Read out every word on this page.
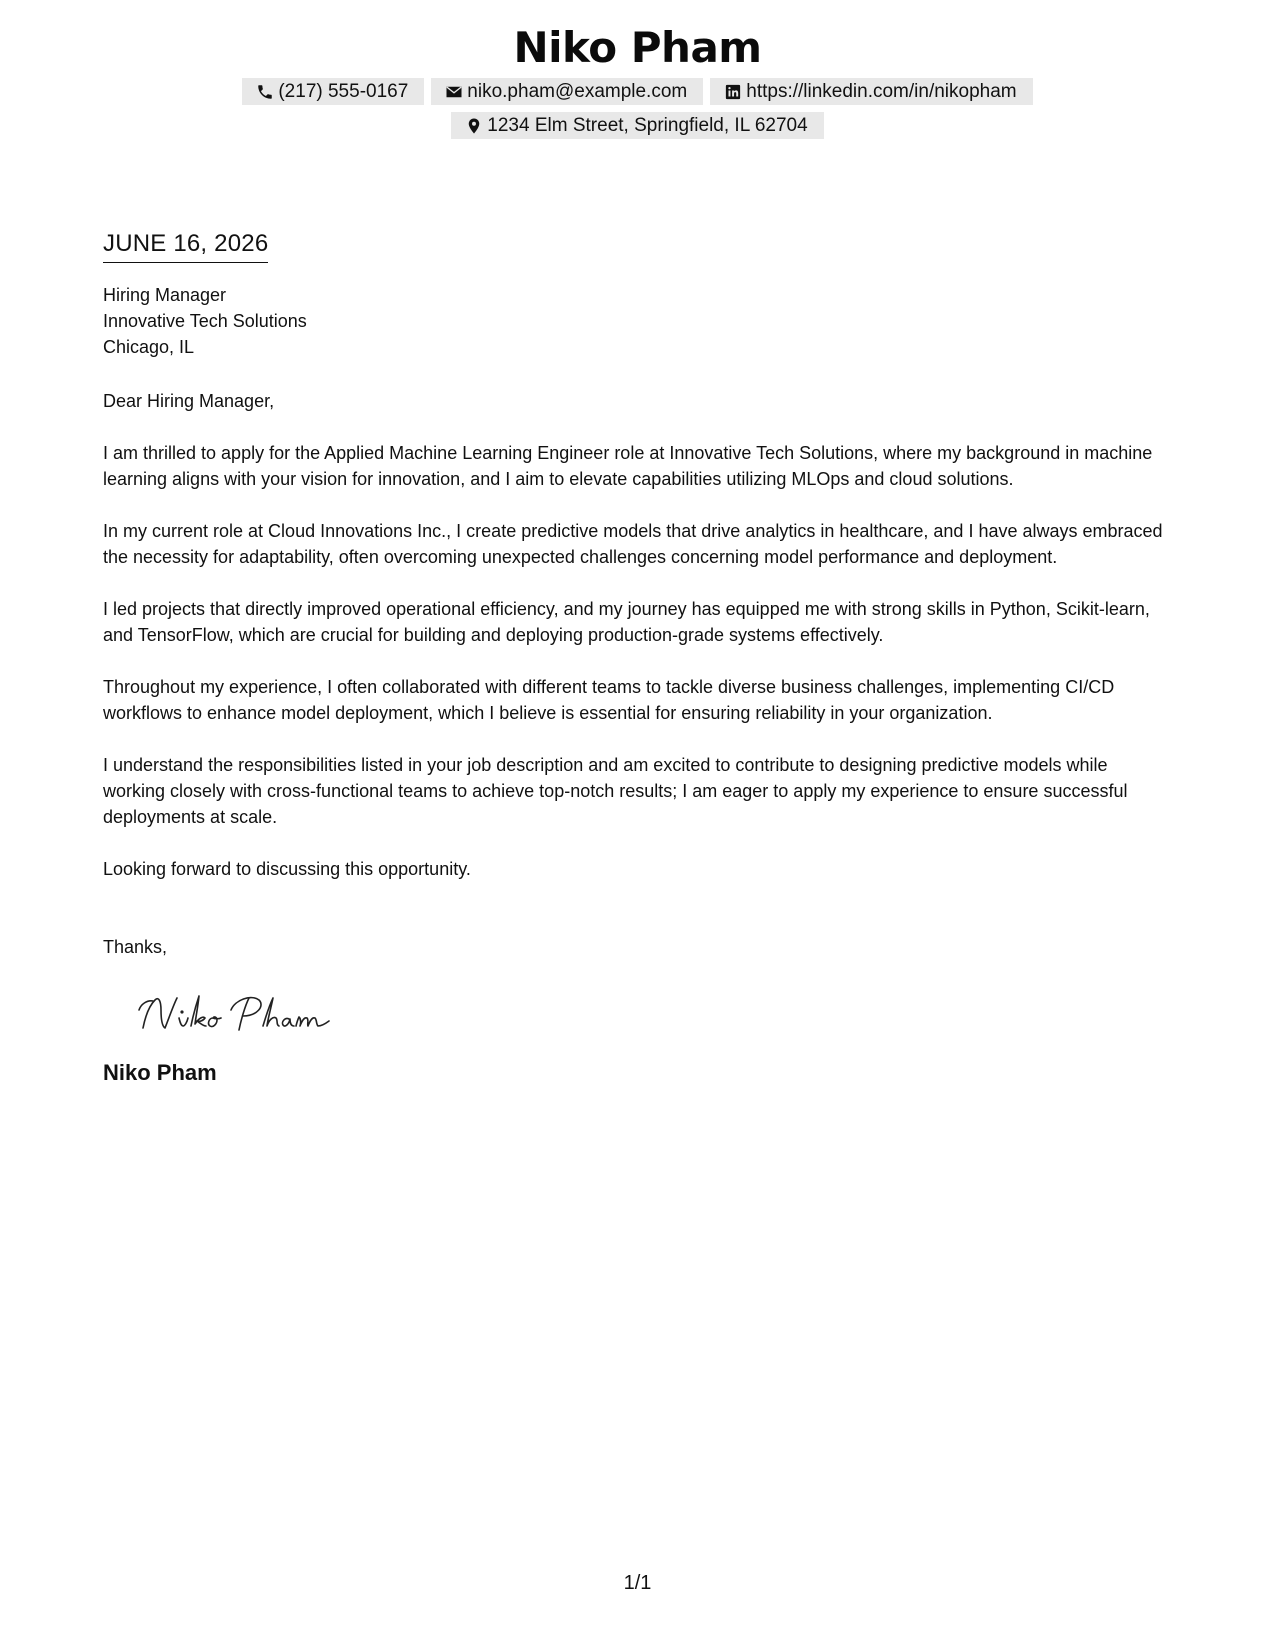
Niko Pham
(217) 555-0167	niko.pham@example.com	https://linkedin.com/in/nikopham
1234 Elm Street, Springfield, IL 62704
JUNE 16, 2026
Hiring Manager
Innovative Tech Solutions
Chicago, IL
Dear Hiring Manager,

I am thrilled to apply for the Applied Machine Learning Engineer role at Innovative Tech Solutions, where my background in machine learning aligns with your vision for innovation, and I aim to elevate capabilities utilizing MLOps and cloud solutions.

In my current role at Cloud Innovations Inc., I create predictive models that drive analytics in healthcare, and I have always embraced the necessity for adaptability, often overcoming unexpected challenges concerning model performance and deployment.

I led projects that directly improved operational efficiency, and my journey has equipped me with strong skills in Python, Scikit-learn, and TensorFlow, which are crucial for building and deploying production-grade systems effectively.

Throughout my experience, I often collaborated with different teams to tackle diverse business challenges, implementing CI/CD workflows to enhance model deployment, which I believe is essential for ensuring reliability in your organization.

I understand the responsibilities listed in your job description and am excited to contribute to designing predictive models while working closely with cross-functional teams to achieve top-notch results; I am eager to apply my experience to ensure successful deployments at scale.

Looking forward to discussing this opportunity.

Thanks,
Niko Pham
1/1
